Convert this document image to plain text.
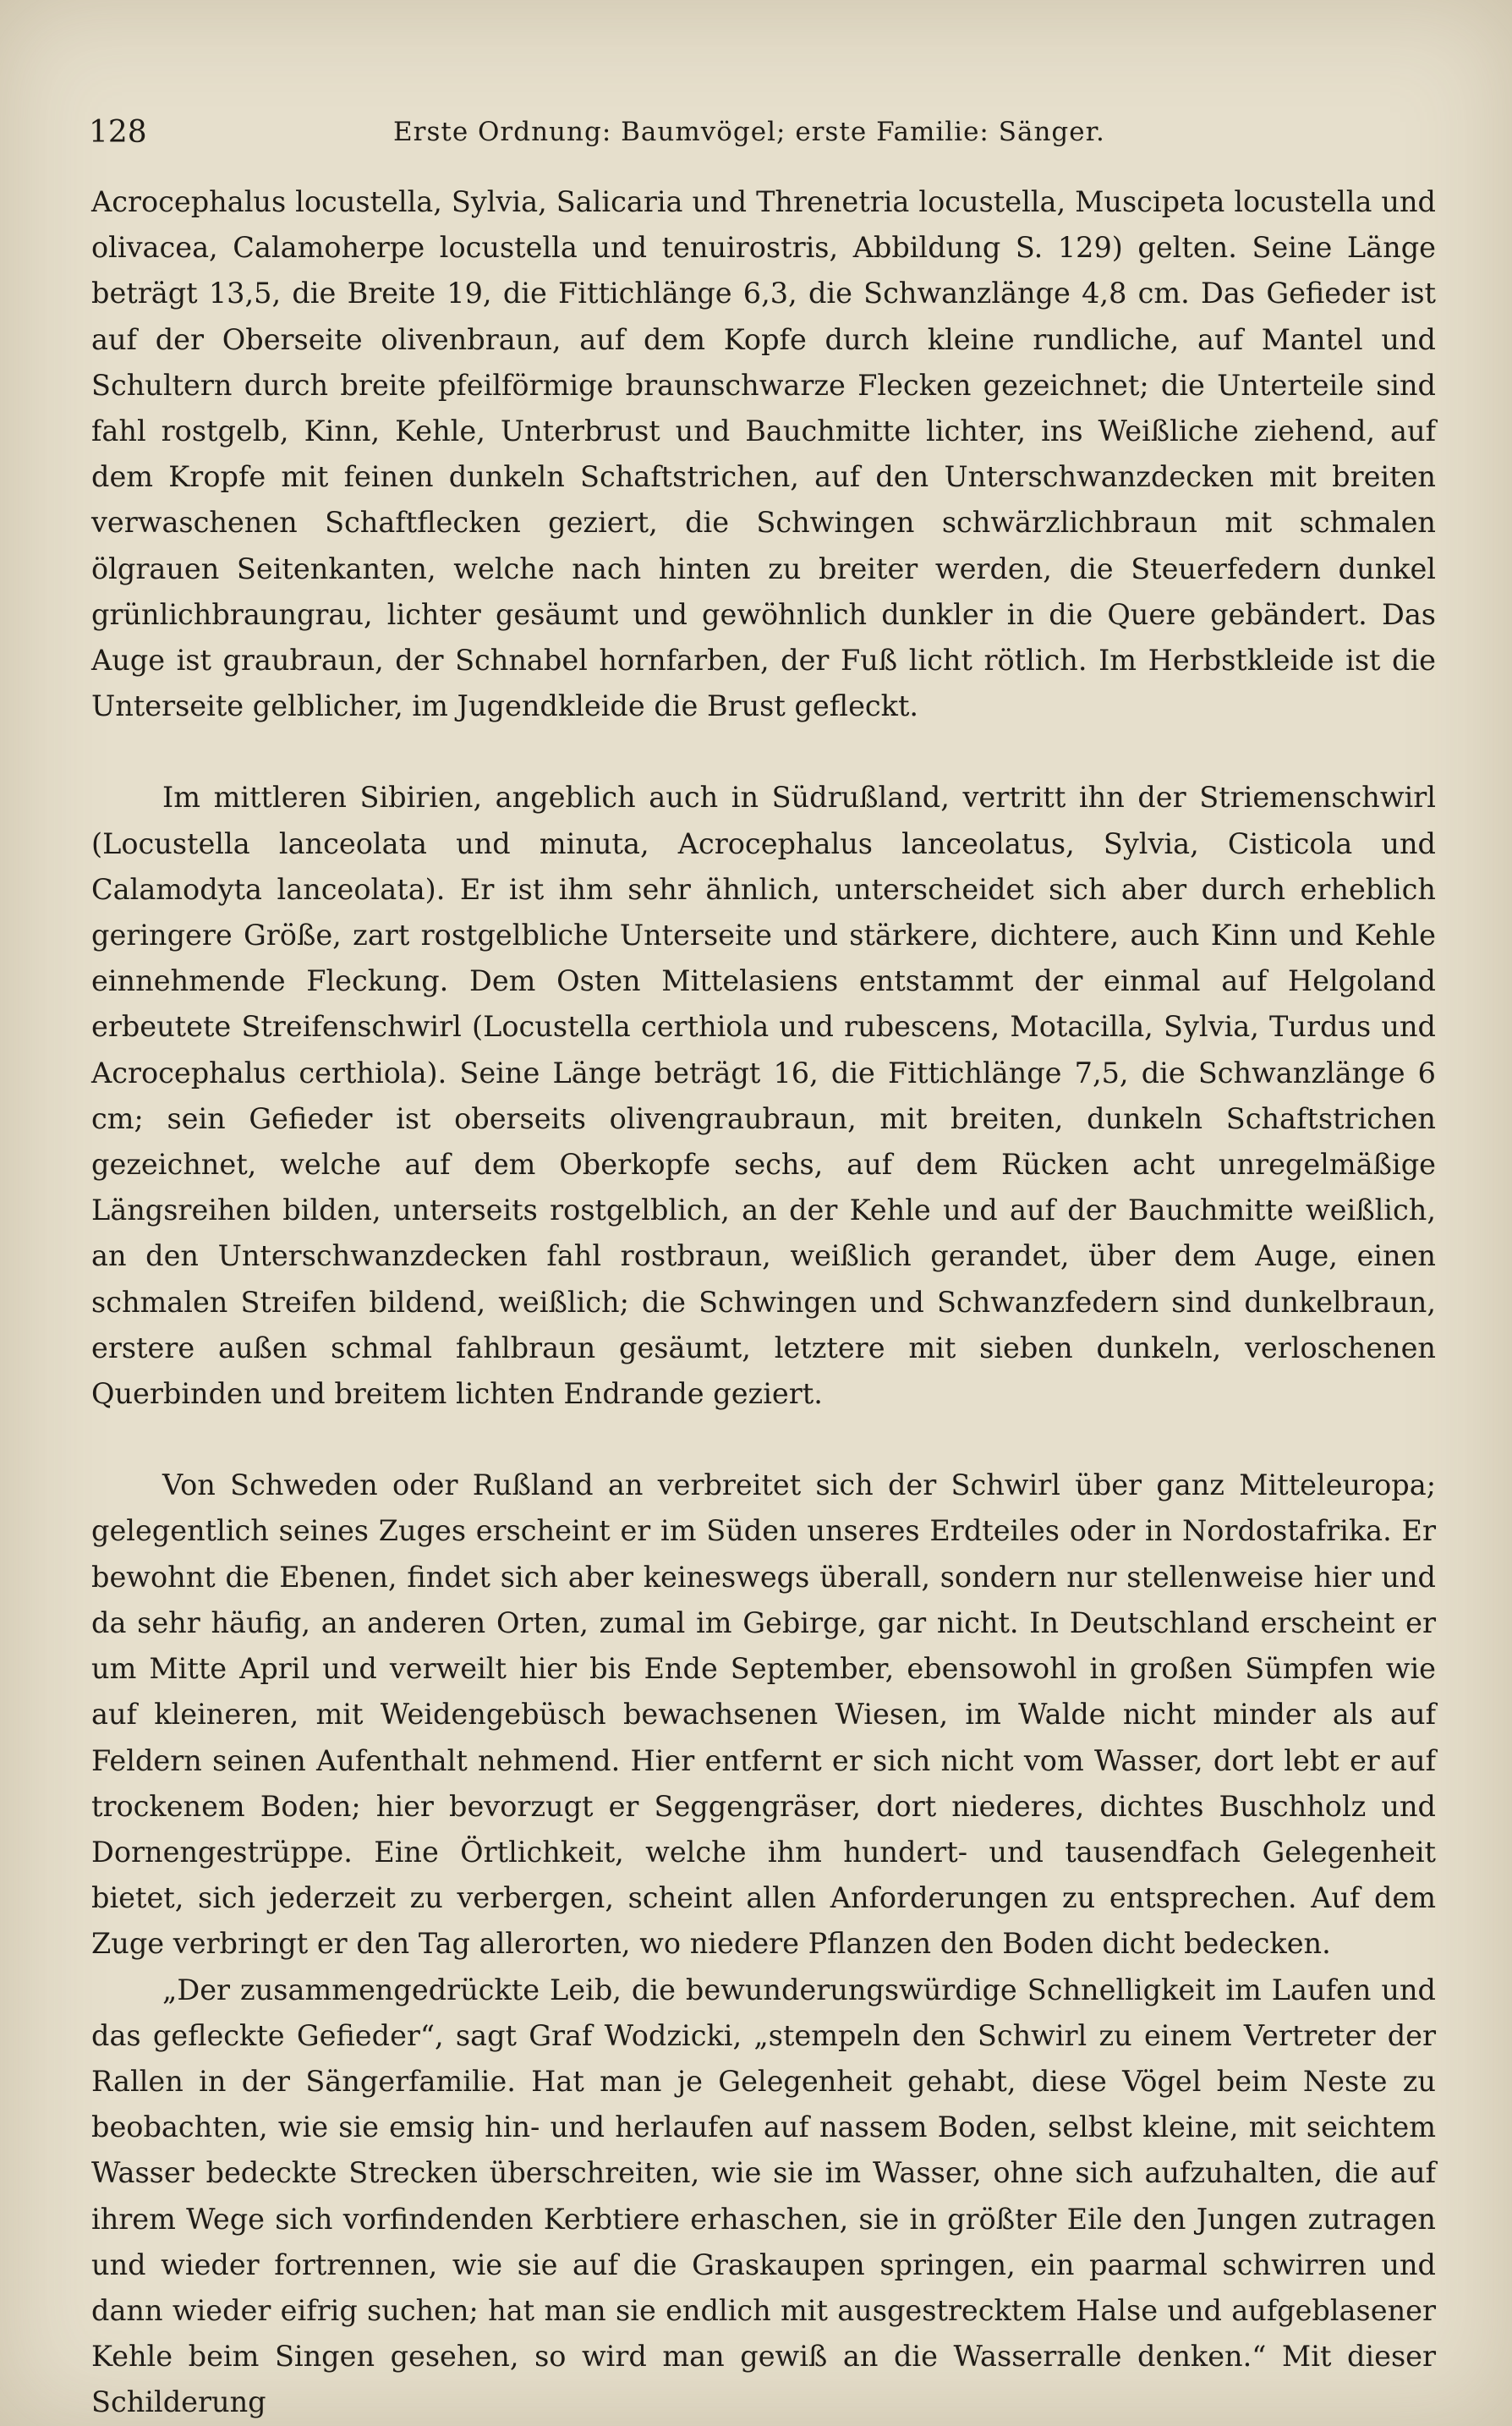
128	Erste Ordnung: Baumvögel; erste Familie: Sänger.

Acrocephalus locustella, Sylvia, Salicaria und Threnetria locustella, Muscipeta locustella und olivacea, Calamoherpe locustella und tenuirostris, Abbildung S. 129) gelten. Seine Länge beträgt 13,5, die Breite 19, die Fittichlänge 6,3, die Schwanzlänge 4,8 cm. Das Gefieder ist auf der Oberseite olivenbraun, auf dem Kopfe durch kleine rundliche, auf Mantel und Schultern durch breite pfeilförmige braunschwarze Flecken gezeichnet; die Unterteile sind fahl rostgelb, Kinn, Kehle, Unterbrust und Bauchmitte lichter, ins Weißliche ziehend, auf dem Kropfe mit feinen dunkeln Schaftstrichen, auf den Unterschwanzdecken mit breiten verwaschenen Schaftflecken geziert, die Schwingen schwärzlichbraun mit schmalen ölgrauen Seitenkanten, welche nach hinten zu breiter werden, die Steuerfedern dunkel grünlichbraungrau, lichter gesäumt und gewöhnlich dunkler in die Quere gebändert. Das Auge ist graubraun, der Schnabel hornfarben, der Fuß licht rötlich. Im Herbstkleide ist die Unterseite gelblicher, im Jugendkleide die Brust gefleckt.

Im mittleren Sibirien, angeblich auch in Südrußland, vertritt ihn der Striemenschwirl (Locustella lanceolata und minuta, Acrocephalus lanceolatus, Sylvia, Cisticola und Calamodyta lanceolata). Er ist ihm sehr ähnlich, unterscheidet sich aber durch erheblich geringere Größe, zart rostgelbliche Unterseite und stärkere, dichtere, auch Kinn und Kehle einnehmende Fleckung. Dem Osten Mittelasiens entstammt der einmal auf Helgoland erbeutete Streifenschwirl (Locustella certhiola und rubescens, Motacilla, Sylvia, Turdus und Acrocephalus certhiola). Seine Länge beträgt 16, die Fittichlänge 7,5, die Schwanzlänge 6 cm; sein Gefieder ist oberseits olivengraubraun, mit breiten, dunkeln Schaftstrichen gezeichnet, welche auf dem Oberkopfe sechs, auf dem Rücken acht unregelmäßige Längsreihen bilden, unterseits rostgelblich, an der Kehle und auf der Bauchmitte weißlich, an den Unterschwanzdecken fahl rostbraun, weißlich gerandet, über dem Auge, einen schmalen Streifen bildend, weißlich; die Schwingen und Schwanzfedern sind dunkelbraun, erstere außen schmal fahlbraun gesäumt, letztere mit sieben dunkeln, verloschenen Querbinden und breitem lichten Endrande geziert.

Von Schweden oder Rußland an verbreitet sich der Schwirl über ganz Mitteleuropa; gelegentlich seines Zuges erscheint er im Süden unseres Erdteiles oder in Nordostafrika. Er bewohnt die Ebenen, findet sich aber keineswegs überall, sondern nur stellenweise hier und da sehr häufig, an anderen Orten, zumal im Gebirge, gar nicht. In Deutschland erscheint er um Mitte April und verweilt hier bis Ende September, ebensowohl in großen Sümpfen wie auf kleineren, mit Weidengebüsch bewachsenen Wiesen, im Walde nicht minder als auf Feldern seinen Aufenthalt nehmend. Hier entfernt er sich nicht vom Wasser, dort lebt er auf trockenem Boden; hier bevorzugt er Seggengräser, dort niederes, dichtes Buschholz und Dornengestrüppe. Eine Örtlichkeit, welche ihm hundert- und tausendfach Gelegenheit bietet, sich jederzeit zu verbergen, scheint allen Anforderungen zu entsprechen. Auf dem Zuge verbringt er den Tag allerorten, wo niedere Pflanzen den Boden dicht bedecken.

„Der zusammengedrückte Leib, die bewunderungswürdige Schnelligkeit im Laufen und das gefleckte Gefieder“, sagt Graf Wodzicki, „stempeln den Schwirl zu einem Vertreter der Rallen in der Sängerfamilie. Hat man je Gelegenheit gehabt, diese Vögel beim Neste zu beobachten, wie sie emsig hin- und herlaufen auf nassem Boden, selbst kleine, mit seichtem Wasser bedeckte Strecken überschreiten, wie sie im Wasser, ohne sich aufzuhalten, die auf ihrem Wege sich vorfindenden Kerbtiere erhaschen, sie in größter Eile den Jungen zutragen und wieder fortrennen, wie sie auf die Graskaupen springen, ein paarmal schwirren und dann wieder eifrig suchen; hat man sie endlich mit ausgestrecktem Halse und aufgeblasener Kehle beim Singen gesehen, so wird man gewiß an die Wasserralle denken.“ Mit dieser Schilderung
